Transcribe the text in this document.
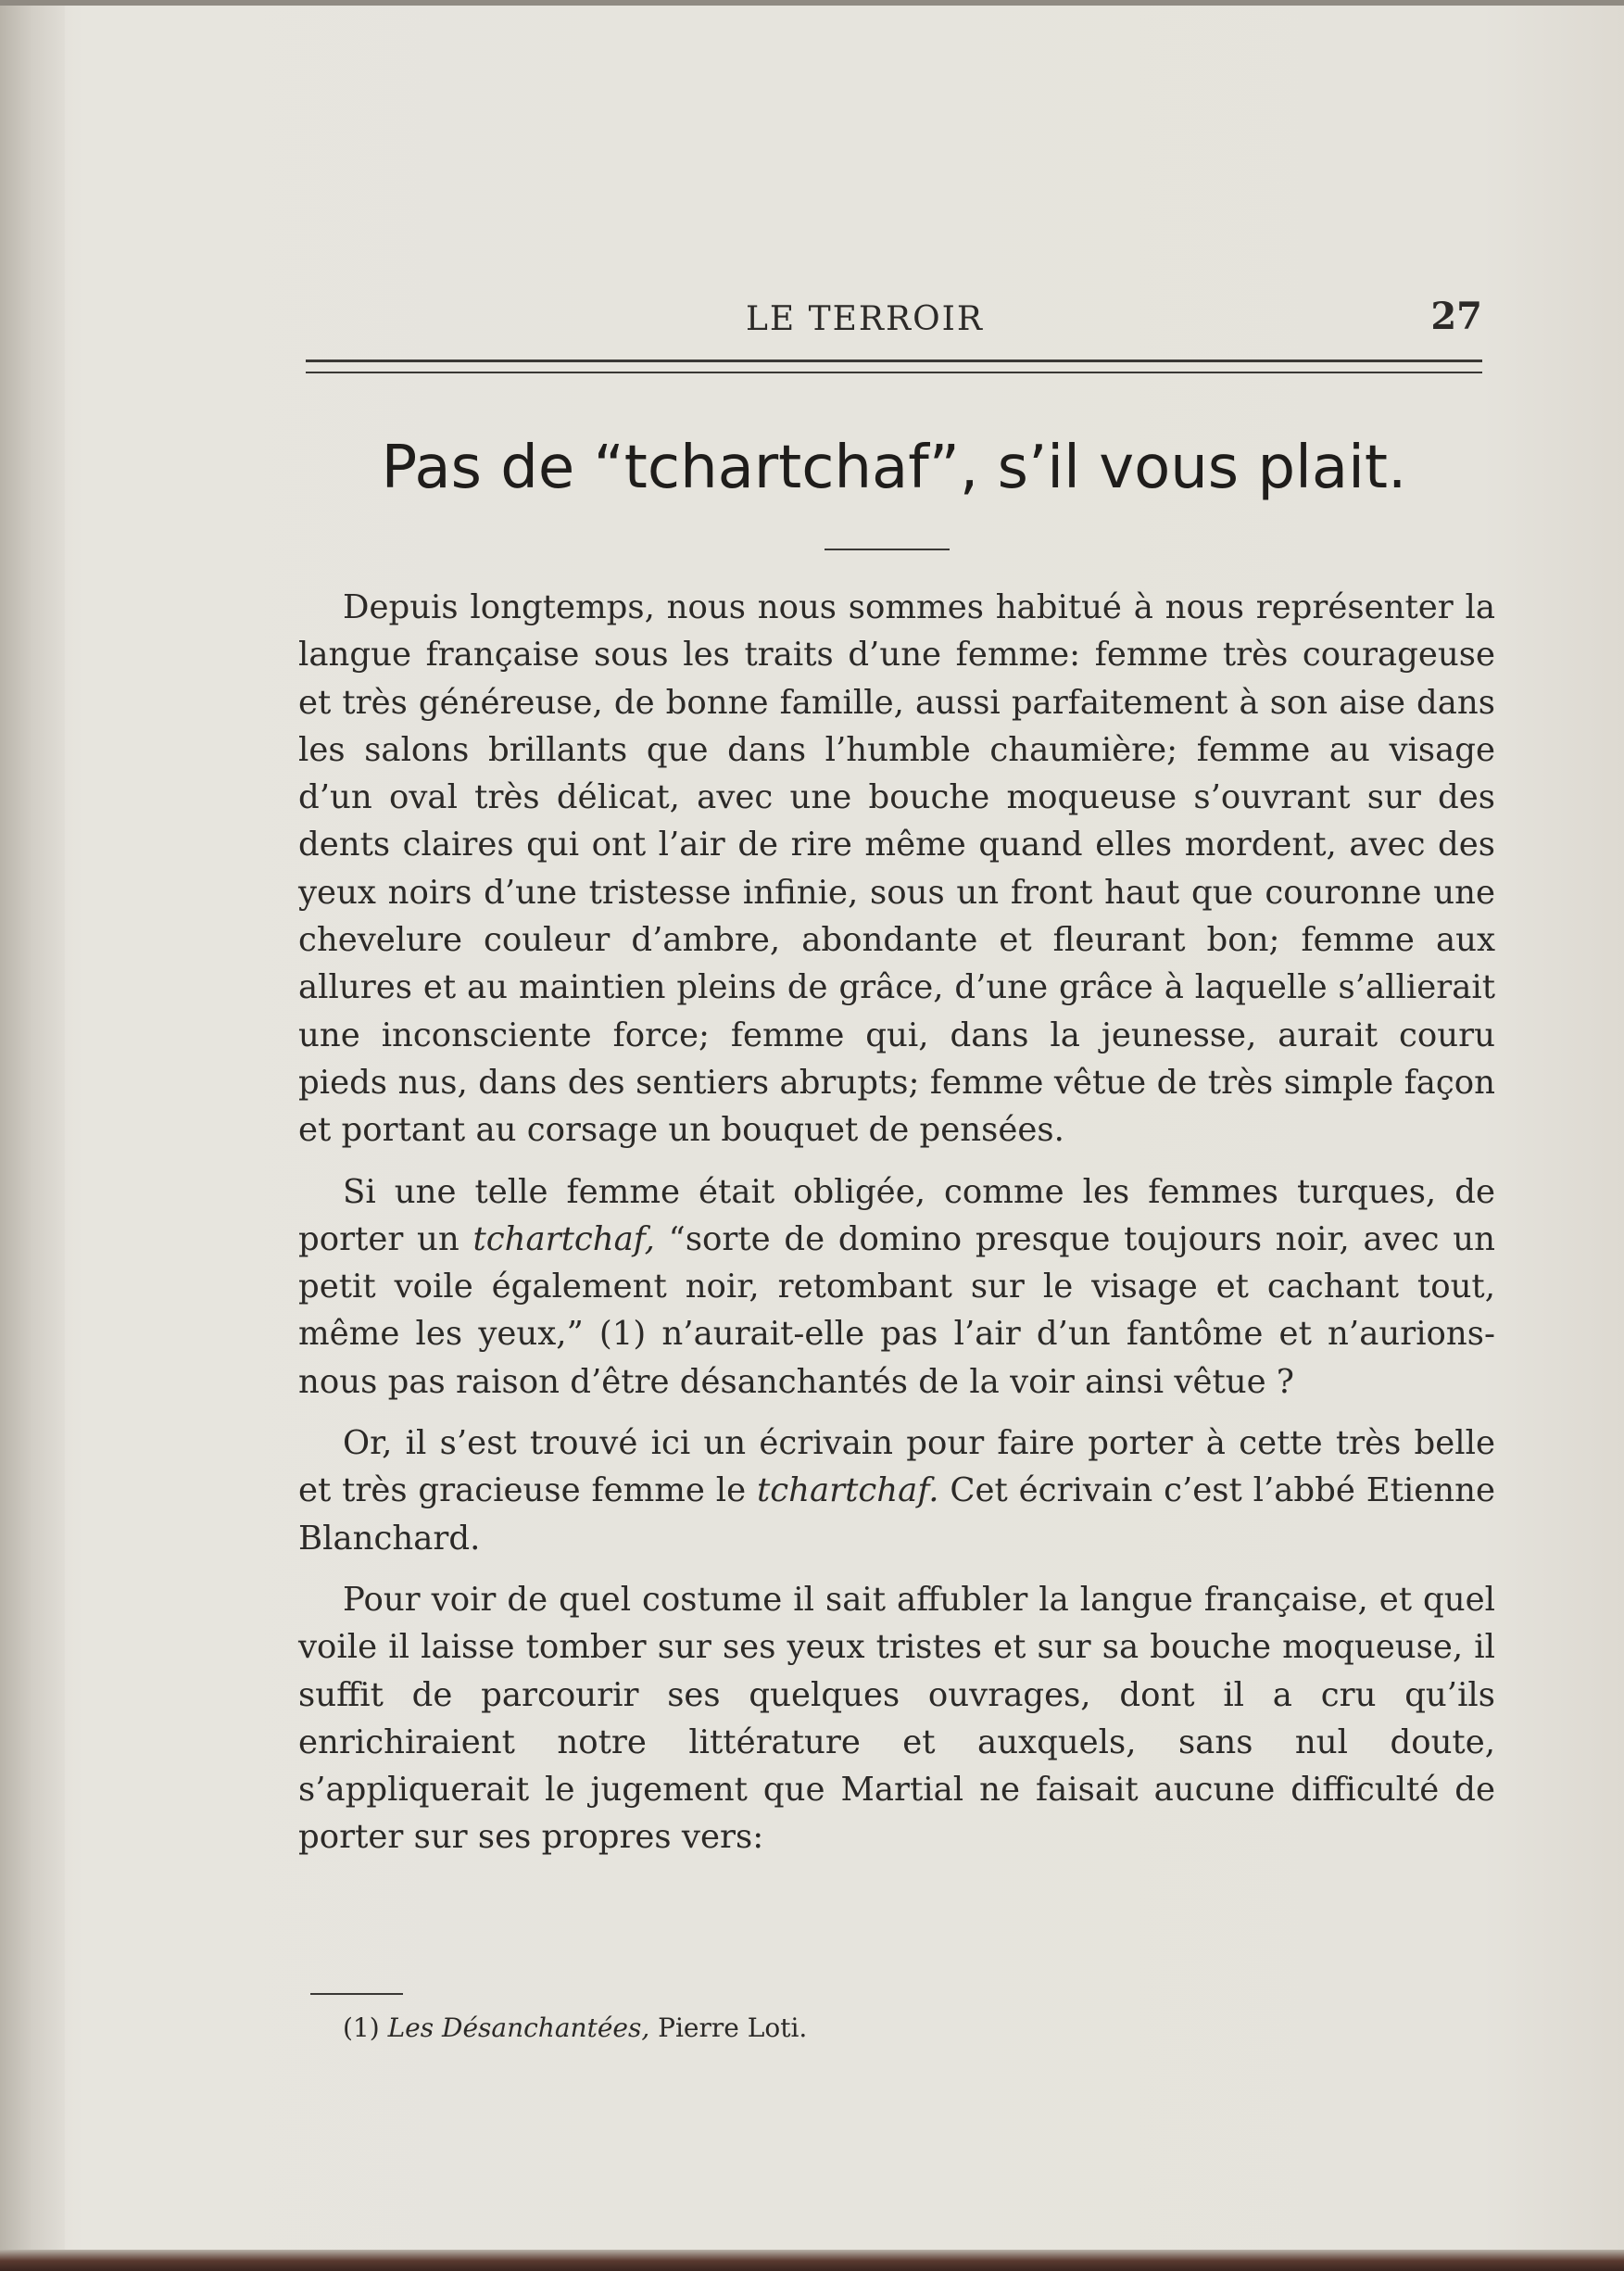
LE TERROIR	27
Pas de “tchartchaf”, s’il vous plait.

Depuis longtemps, nous nous sommes habitué à nous représenter la langue française sous les traits d’une femme: femme très courageuse et très généreuse, de bonne famille, aussi parfaitement à son aise dans les salons brillants que dans l’humble chaumière; femme au visage d’un oval très délicat, avec une bouche moqueuse s’ouvrant sur des dents claires qui ont l’air de rire même quand elles mordent, avec des yeux noirs d’une tristesse infinie, sous un front haut que couronne une chevelure couleur d’ambre, abondante et fleurant bon; femme aux allures et au maintien pleins de grâce, d’une grâce à laquelle s’allierait une inconsciente force; femme qui, dans la jeunesse, aurait couru pieds nus, dans des sentiers abrupts; femme vêtue de très simple façon et portant au corsage un bouquet de pensées.

Si une telle femme était obligée, comme les femmes turques, de porter un tchartchaf, “sorte de domino presque toujours noir, avec un petit voile également noir, retombant sur le visage et cachant tout, même les yeux,” (1) n’aurait-elle pas l’air d’un fantôme et n’aurions-nous pas raison d’être désanchantés de la voir ainsi vêtue ?

Or, il s’est trouvé ici un écrivain pour faire porter à cette très belle et très gracieuse femme le tchartchaf. Cet écrivain c’est l’abbé Etienne Blanchard.

Pour voir de quel costume il sait affubler la langue française, et quel voile il laisse tomber sur ses yeux tristes et sur sa bouche moqueuse, il suffit de parcourir ses quelques ouvrages, dont il a cru qu’ils enrichiraient notre littérature et auxquels, sans nul doute, s’appliquerait le jugement que Martial ne faisait aucune difficulté de porter sur ses propres vers:

(1) Les Désanchantées, Pierre Loti.
